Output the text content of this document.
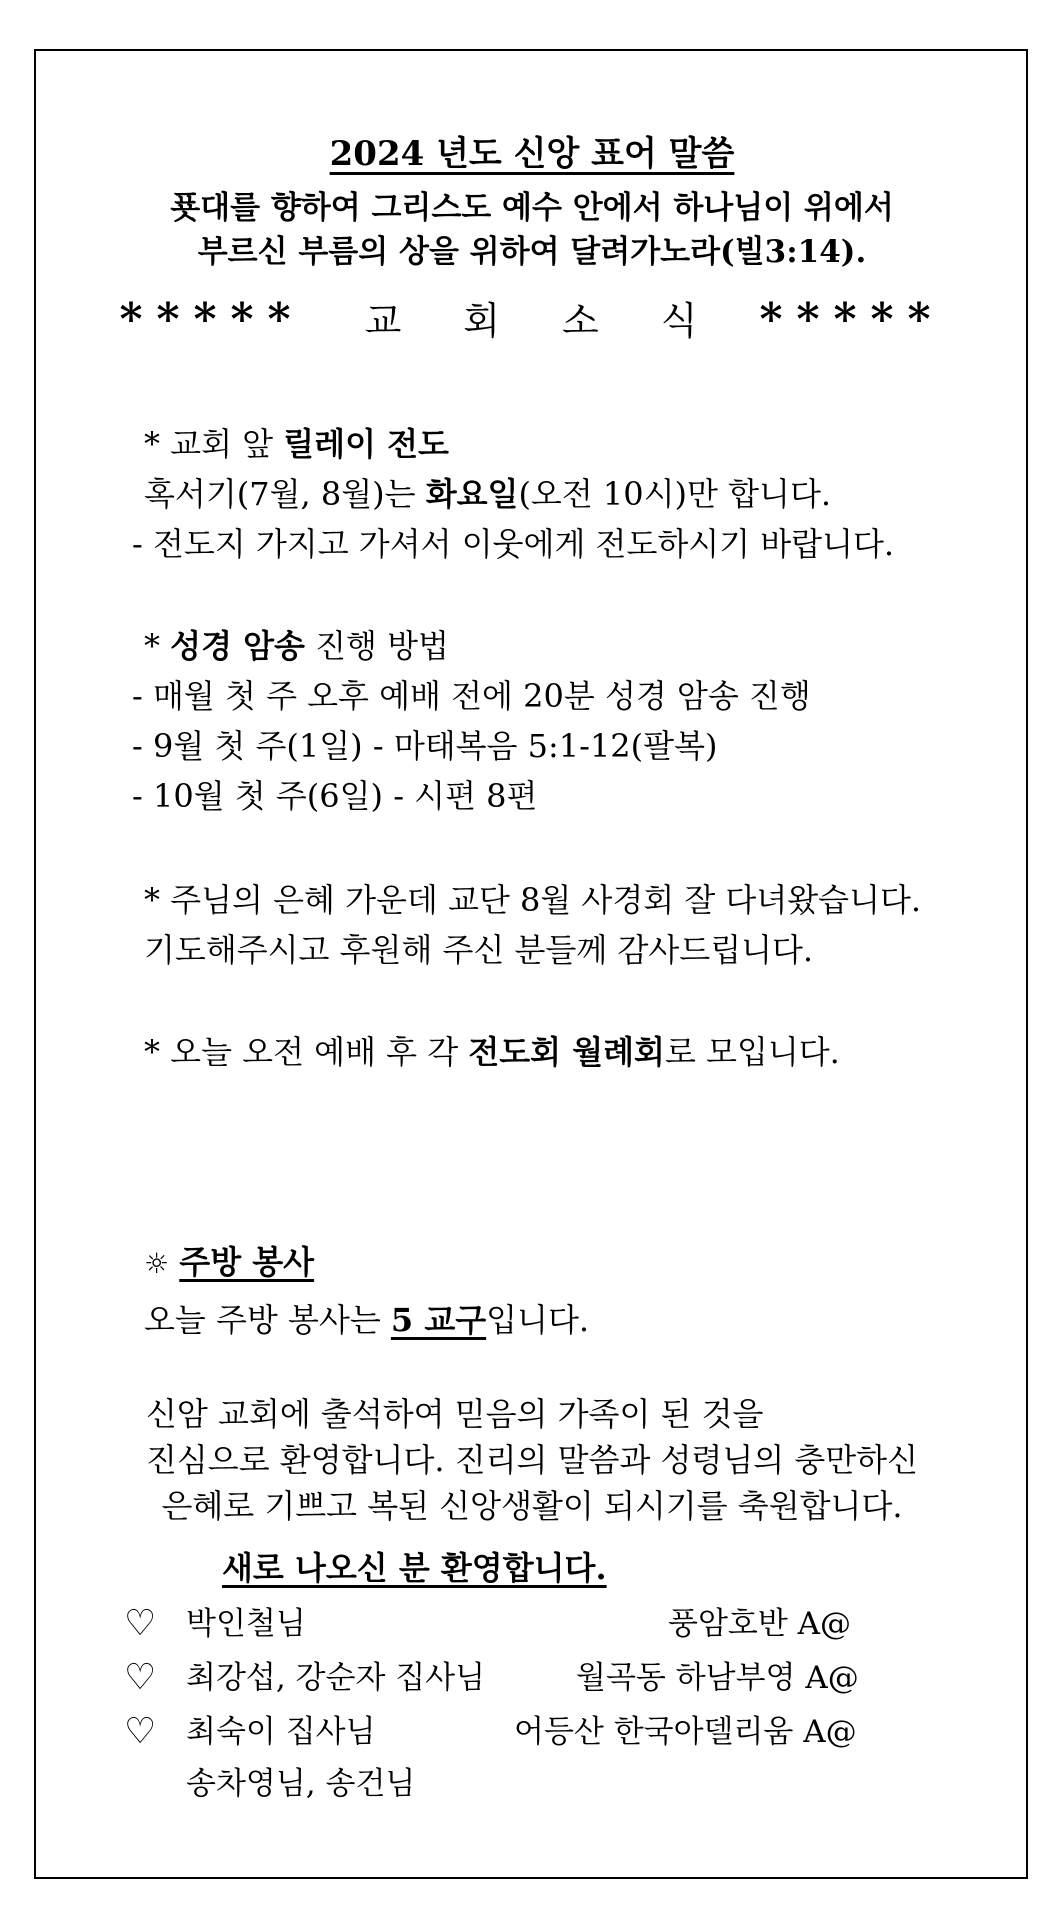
2024 년도 신앙 표어 말씀
푯대를 향하여 그리스도 예수 안에서 하나님이 위에서
부르신 부름의 상을 위하여 달려가노라(빌3:14).
***** 교 회 소 식 *****
* 교회 앞 릴레이 전도
혹서기(7월, 8월)는 화요일(오전 10시)만 합니다.
- 전도지 가지고 가셔서 이웃에게 전도하시기 바랍니다.
* 성경 암송 진행 방법
- 매월 첫 주 오후 예배 전에 20분 성경 암송 진행
- 9월 첫 주(1일) - 마태복음 5:1-12(팔복)
- 10월 첫 주(6일) - 시편 8편
* 주님의 은혜 가운데 교단 8월 사경회 잘 다녀왔습니다.
기도해주시고 후원해 주신 분들께 감사드립니다.
* 오늘 오전 예배 후 각 전도회 월례회로 모입니다.
☼ 주방 봉사
오늘 주방 봉사는 5 교구입니다.
신암 교회에 출석하여 믿음의 가족이 된 것을
진심으로 환영합니다. 진리의 말씀과 성령님의 충만하신
은혜로 기쁘고 복된 신앙생활이 되시기를 축원합니다.
새로 나오신 분 환영합니다.
♡ 박인철님	풍암호반 A@
♡ 최강섭, 강순자 집사님	월곡동 하남부영 A@
♡ 최숙이 집사님	어등산 한국아델리움 A@
송차영님, 송건님
